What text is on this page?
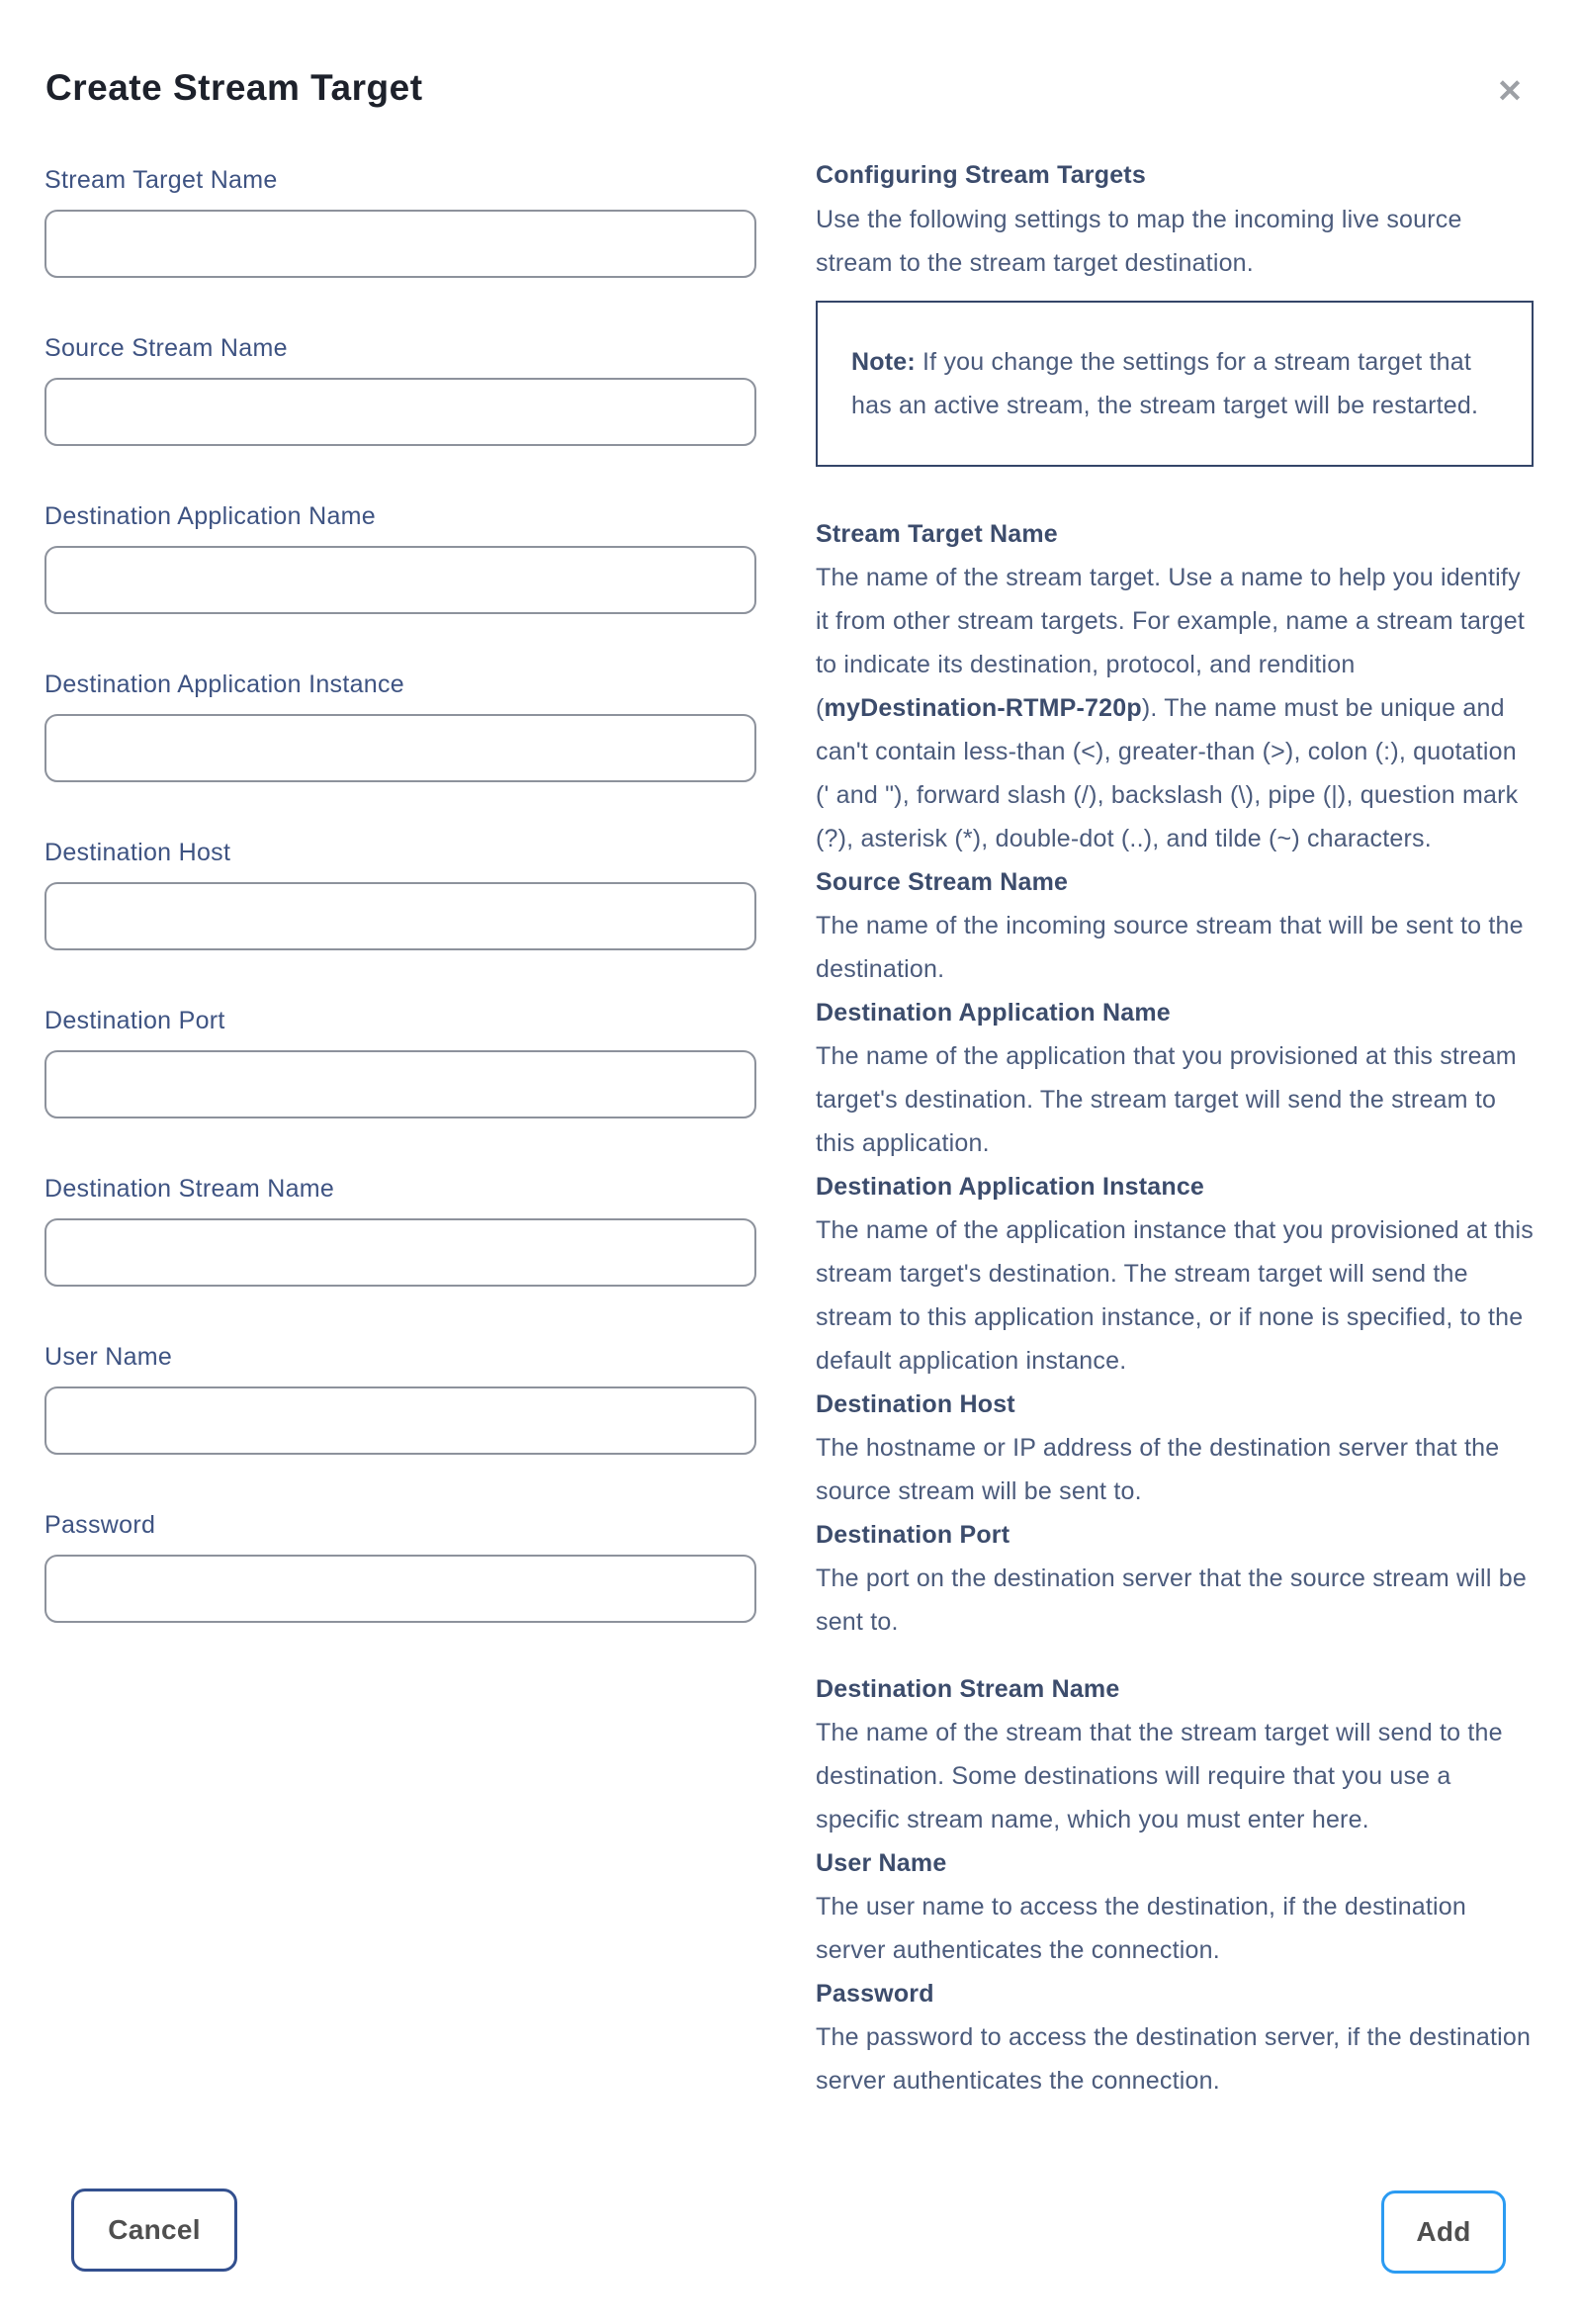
Create Stream Target	✕
Stream Target Name
Source Stream Name
Destination Application Name
Destination Application Instance
Destination Host
Destination Port
Destination Stream Name
User Name
Password
Configuring Stream Targets

Use the following settings to map the incoming live source stream to the stream target destination.

Note: If you change the settings for a stream target that has an active stream, the stream target will be restarted.

Stream Target Name

The name of the stream target. Use a name to help you identify it from other stream targets. For example, name a stream target to indicate its destination, protocol, and rendition (myDestination-RTMP-720p). The name must be unique and can't contain less-than (<), greater-than (>), colon (:), quotation (' and "), forward slash (/), backslash (\), pipe (|), question mark (?), asterisk (*), double-dot (..), and tilde (~) characters.

Source Stream Name

The name of the incoming source stream that will be sent to the destination.

Destination Application Name

The name of the application that you provisioned at this stream target's destination. The stream target will send the stream to this application.

Destination Application Instance

The name of the application instance that you provisioned at this stream target's destination. The stream target will send the stream to this application instance, or if none is specified, to the default application instance.

Destination Host

The hostname or IP address of the destination server that the source stream will be sent to.

Destination Port

The port on the destination server that the source stream will be sent to.

Destination Stream Name

The name of the stream that the stream target will send to the destination. Some destinations will require that you use a specific stream name, which you must enter here.

User Name

The user name to access the destination, if the destination server authenticates the connection.

Password

The password to access the destination server, if the destination server authenticates the connection.

Cancel	Add
